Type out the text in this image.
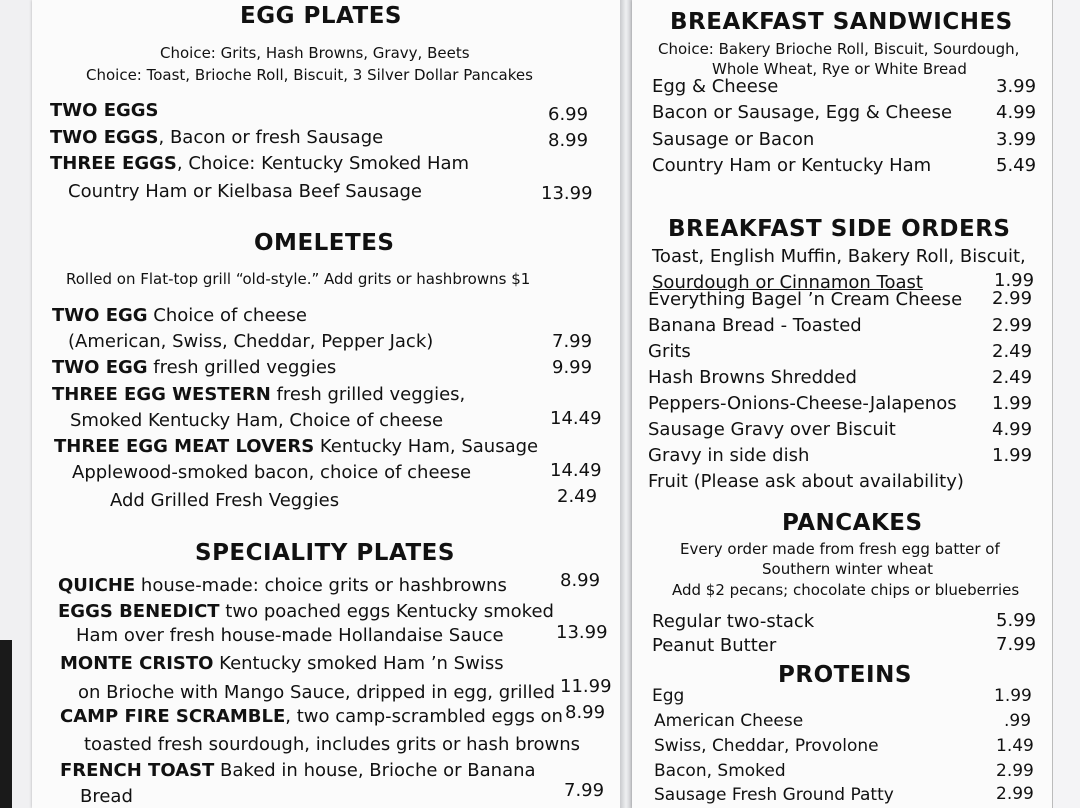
EGG PLATES
Choice: Grits, Hash Browns, Gravy, Beets
Choice: Toast, Brioche Roll, Biscuit, 3 Silver Dollar Pancakes
TWO EGGS	6.99
TWO EGGS, Bacon or fresh Sausage	8.99
THREE EGGS, Choice: Kentucky Smoked Ham
Country Ham or Kielbasa Beef Sausage	13.99
OMELETES
Rolled on Flat-top grill “old-style.” Add grits or hashbrowns $1
TWO EGG Choice of cheese
(American, Swiss, Cheddar, Pepper Jack)	7.99
TWO EGG fresh grilled veggies	9.99
THREE EGG WESTERN fresh grilled veggies,
Smoked Kentucky Ham, Choice of cheese	14.49
THREE EGG MEAT LOVERS Kentucky Ham, Sausage
Applewood-smoked bacon, choice of cheese	14.49
Add Grilled Fresh Veggies	2.49
SPECIALITY PLATES
QUICHE house-made: choice grits or hashbrowns	8.99
EGGS BENEDICT two poached eggs Kentucky smoked
Ham over fresh house-made Hollandaise Sauce	13.99
MONTE CRISTO Kentucky smoked Ham ’n Swiss
on Brioche with Mango Sauce, dripped in egg, grilled 11.99
CAMP FIRE SCRAMBLE, two camp-scrambled eggs on 8.99
toasted fresh sourdough, includes grits or hash browns
FRENCH TOAST Baked in house, Brioche or Banana
Bread	7.99
BREAKFAST SANDWICHES
Choice: Bakery Brioche Roll, Biscuit, Sourdough,
Whole Wheat, Rye or White Bread
Egg & Cheese	3.99
Bacon or Sausage, Egg & Cheese 4.99
Sausage or Bacon	3.99
Country Ham or Kentucky Ham	5.49
BREAKFAST SIDE ORDERS
Toast, English Muffin, Bakery Roll, Biscuit,
Sourdough or Cinnamon Toast	1.99
Everything Bagel ’n Cream Cheese 2.99
Banana Bread - Toasted	2.99
Grits	2.49
Hash Browns Shredded	2.49
Peppers-Onions-Cheese-Jalapenos 1.99
Sausage Gravy over Biscuit	4.99
Gravy in side dish	1.99
Fruit (Please ask about availability)
PANCAKES
Every order made from fresh egg batter of
Southern winter wheat
Add $2 pecans; chocolate chips or blueberries
Regular two-stack	5.99
Peanut Butter	7.99
PROTEINS
Egg	1.99
American Cheese	.99
Swiss, Cheddar, Provolone	1.49
Bacon, Smoked	2.99
Sausage Fresh Ground Patty	2.99
